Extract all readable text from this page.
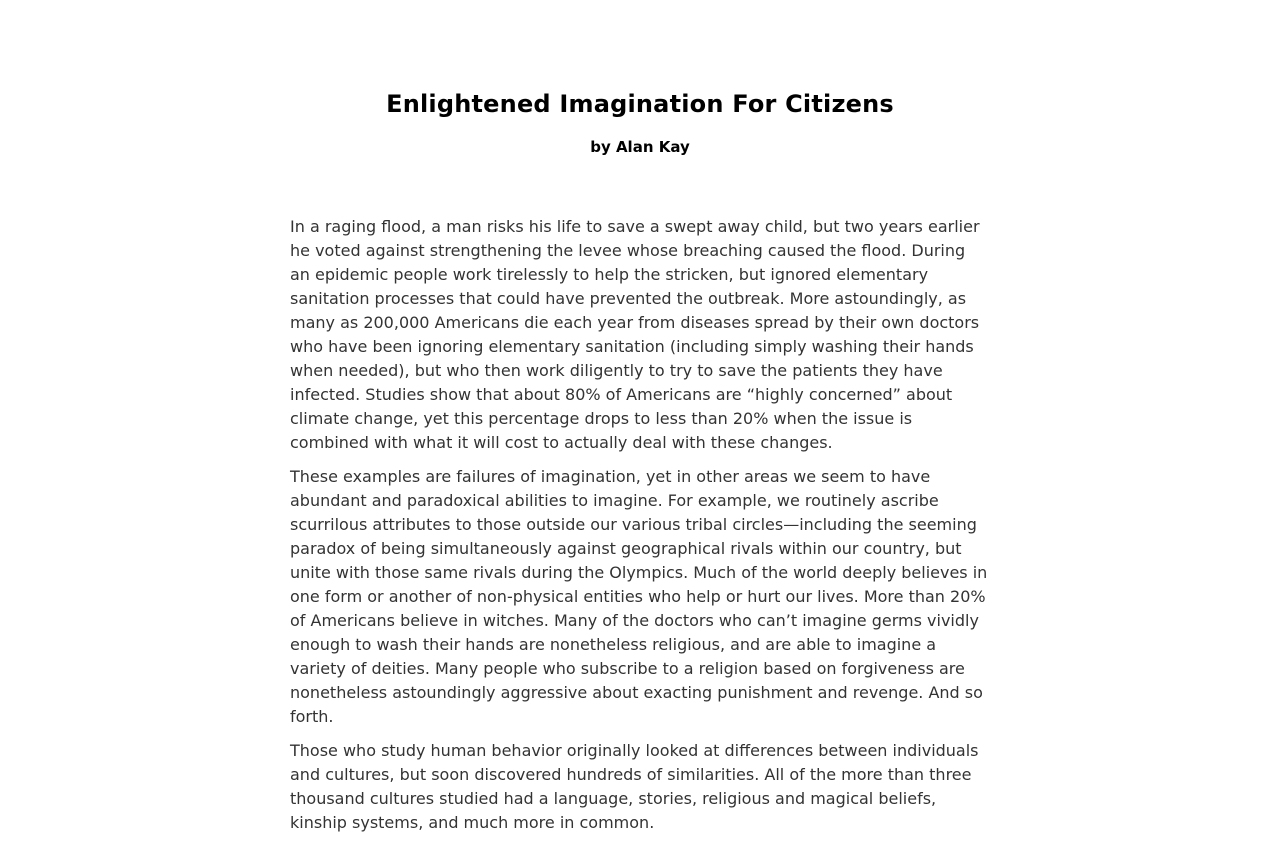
Enlightened Imagination For Citizens
by Alan Kay

In a raging flood, a man risks his life to save a swept away child, but two years earlier he voted against strengthening the levee whose breaching caused the flood. During an epidemic people work tirelessly to help the stricken, but ignored elementary sanitation processes that could have prevented the outbreak. More astoundingly, as many as 200,000 Americans die each year from diseases spread by their own doctors who have been ignoring elementary sanitation (including simply washing their hands when needed), but who then work diligently to try to save the patients they have infected. Studies show that about 80% of Americans are “highly concerned” about climate change, yet this percentage drops to less than 20% when the issue is combined with what it will cost to actually deal with these changes.

These examples are failures of imagination, yet in other areas we seem to have abundant and paradoxical abilities to imagine. For example, we routinely ascribe scurrilous attributes to those outside our various tribal circles—including the seeming paradox of being simultaneously against geographical rivals within our country, but unite with those same rivals during the Olympics. Much of the world deeply believes in one form or another of non-physical entities who help or hurt our lives. More than 20% of Americans believe in witches. Many of the doctors who can’t imagine germs vividly enough to wash their hands are nonetheless religious, and are able to imagine a variety of deities. Many people who subscribe to a religion based on forgiveness are nonetheless astoundingly aggressive about exacting punishment and revenge. And so forth.

Those who study human behavior originally looked at differences between individuals and cultures, but soon discovered hundreds of similarities. All of the more than three thousand cultures studied had a language, stories, religious and magical beliefs, kinship systems, and much more in common.
